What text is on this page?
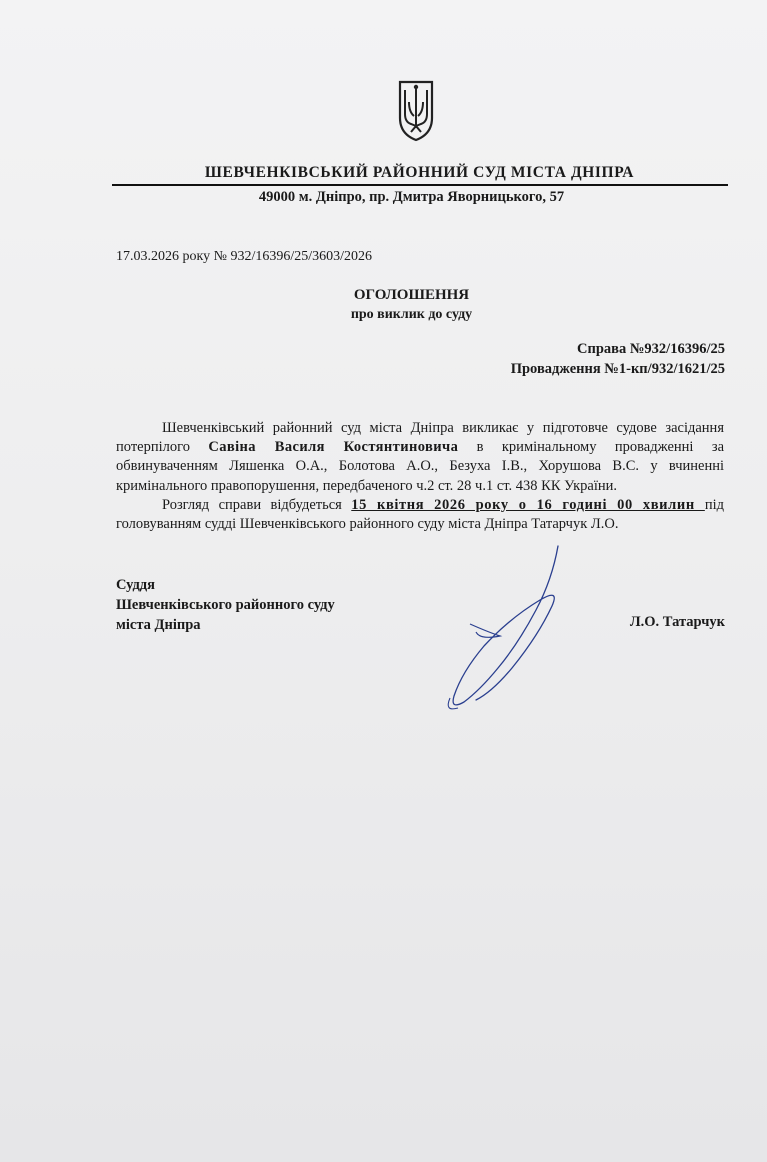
ШЕВЧЕНКІВСЬКИЙ РАЙОННИЙ СУД МІСТА ДНІПРА
49000 м. Дніпро, пр. Дмитра Яворницького, 57
17.03.2026 року № 932/16396/25/3603/2026
ОГОЛОШЕННЯ
про виклик до суду
Справа №932/16396/25
Провадження №1-кп/932/1621/25

Шевченківський районний суд міста Дніпра викликає у підготовче судове засідання потерпілого Савіна Василя Костянтиновича в кримінальному провадженні за обвинуваченням Ляшенка О.А., Болотова А.О., Безуха І.В., Хорушова В.С. у вчиненні кримінального правопорушення, передбаченого ч.2 ст. 28 ч.1 ст. 438 КК України.

Розгляд справи відбудеться 15 квітня 2026 року о 16 годині 00 хвилин під головуванням судді Шевченківського районного суду міста Дніпра Татарчук Л.О.

Суддя
Шевченківського районного суду
міста Дніпра	Л.О. Татарчук
